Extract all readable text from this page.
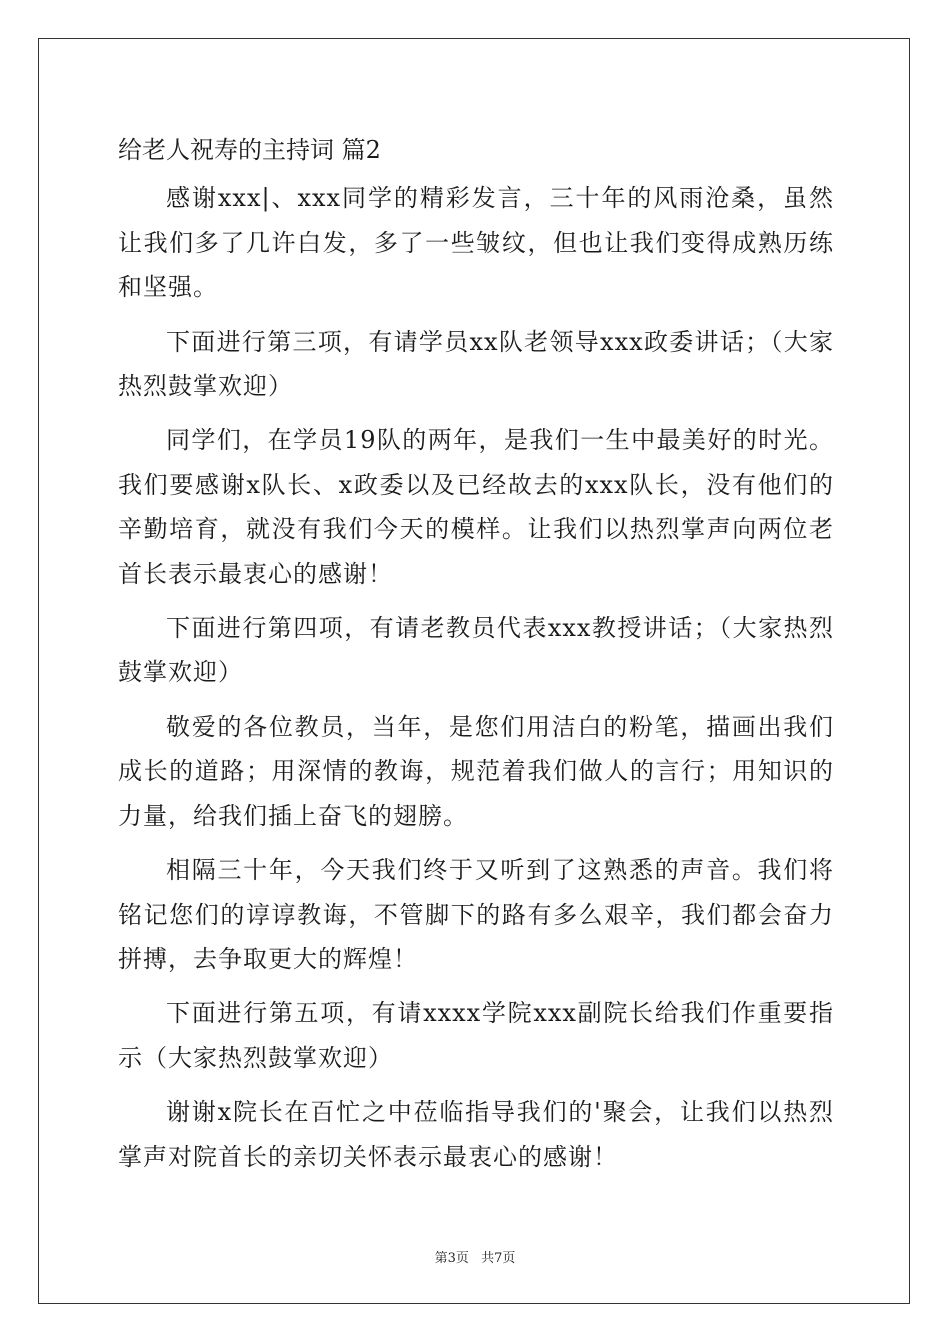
给老人祝寿的主持词 篇2

感谢xxx|、xxx同学的精彩发言，三十年的风雨沧桑，虽然让我们多了几许白发，多了一些皱纹，但也让我们变得成熟历练和坚强。

下面进行第三项，有请学员xx队老领导xxx政委讲话；（大家热烈鼓掌欢迎）

同学们，在学员19队的两年，是我们一生中最美好的时光。我们要感谢x队长、x政委以及已经故去的xxx队长，没有他们的辛勤培育，就没有我们今天的模样。让我们以热烈掌声向两位老首长表示最衷心的感谢！

下面进行第四项，有请老教员代表xxx教授讲话；（大家热烈鼓掌欢迎）

敬爱的各位教员，当年，是您们用洁白的粉笔，描画出我们成长的道路；用深情的教诲，规范着我们做人的言行；用知识的力量，给我们插上奋飞的翅膀。

相隔三十年，今天我们终于又听到了这熟悉的声音。我们将铭记您们的谆谆教诲，不管脚下的路有多么艰辛，我们都会奋力拼搏，去争取更大的辉煌！

下面进行第五项，有请xxxx学院xxx副院长给我们作重要指示（大家热烈鼓掌欢迎）

谢谢x院长在百忙之中莅临指导我们的'聚会，让我们以热烈掌声对院首长的亲切关怀表示最衷心的感谢！

第3页 共7页
